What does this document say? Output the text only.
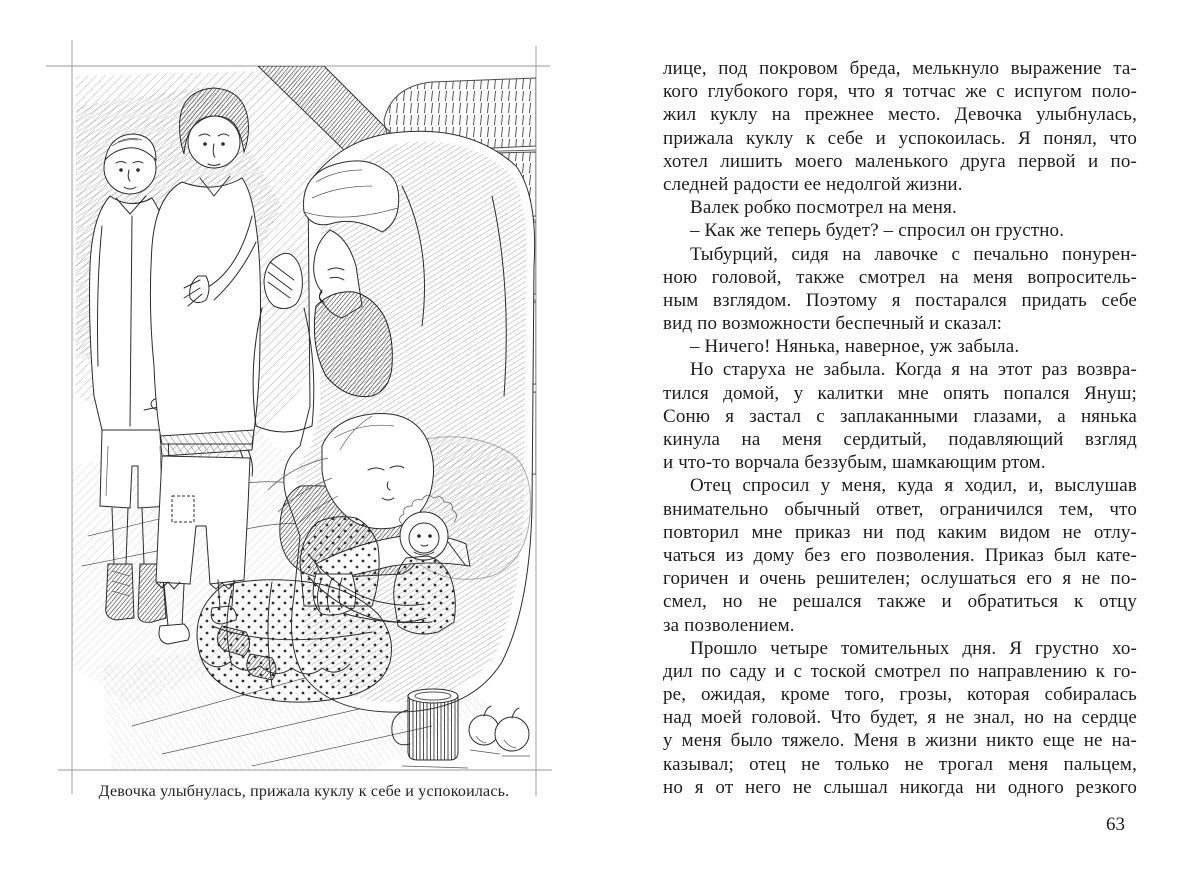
Девочка улыбнулась, прижала куклу к себе и успокоилась.
лице, под покровом бреда, мелькнуло выражение та-
кого глубокого горя, что я тотчас же с испугом поло-
жил куклу на прежнее место. Девочка улыбнулась,
прижала куклу к себе и успокоилась. Я понял, что
хотел лишить моего маленького друга первой и по-
следней радости ее недолгой жизни.
Валек робко посмотрел на меня.
– Как же теперь будет? – спросил он грустно.
Тыбурций, сидя на лавочке с печально понурен-
ною головой, также смотрел на меня вопроситель-
ным взглядом. Поэтому я постарался придать себе
вид по возможности беспечный и сказал:
– Ничего! Нянька, наверное, уж забыла.
Но старуха не забыла. Когда я на этот раз возвра-
тился домой, у калитки мне опять попался Януш;
Соню я застал с заплаканными глазами, а нянька
кинула на меня сердитый, подавляющий взгляд
и что-то ворчала беззубым, шамкающим ртом.
Отец спросил у меня, куда я ходил, и, выслушав
внимательно обычный ответ, ограничился тем, что
повторил мне приказ ни под каким видом не отлу-
чаться из дому без его позволения. Приказ был кате-
горичен и очень решителен; ослушаться его я не по-
смел, но не решался также и обратиться к отцу
за позволением.
Прошло четыре томительных дня. Я грустно хо-
дил по саду и с тоской смотрел по направлению к го-
ре, ожидая, кроме того, грозы, которая собиралась
над моей головой. Что будет, я не знал, но на сердце
у меня было тяжело. Меня в жизни никто еще не на-
казывал; отец не только не трогал меня пальцем,
но я от него не слышал никогда ни одного резкого
63
